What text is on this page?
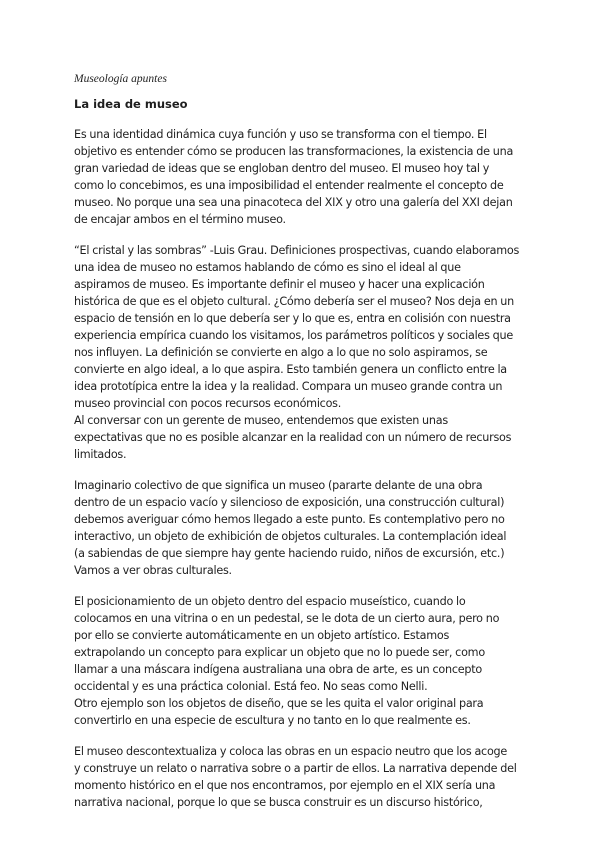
Museología apuntes
La idea de museo

Es una identidad dinámica cuya función y uso se transforma con el tiempo. El
objetivo es entender cómo se producen las transformaciones, la existencia de una
gran variedad de ideas que se engloban dentro del museo. El museo hoy tal y
como lo concebimos, es una imposibilidad el entender realmente el concepto de
museo. No porque una sea una pinacoteca del XIX y otro una galería del XXI dejan
de encajar ambos en el término museo.

“El cristal y las sombras” -Luis Grau. Definiciones prospectivas, cuando elaboramos
una idea de museo no estamos hablando de cómo es sino el ideal al que
aspiramos de museo. Es importante definir el museo y hacer una explicación
histórica de que es el objeto cultural. ¿Cómo debería ser el museo? Nos deja en un
espacio de tensión en lo que debería ser y lo que es, entra en colisión con nuestra
experiencia empírica cuando los visitamos, los parámetros políticos y sociales que
nos influyen. La definición se convierte en algo a lo que no solo aspiramos, se
convierte en algo ideal, a lo que aspira. Esto también genera un conflicto entre la
idea prototípica entre la idea y la realidad. Compara un museo grande contra un
museo provincial con pocos recursos económicos.
Al conversar con un gerente de museo, entendemos que existen unas
expectativas que no es posible alcanzar en la realidad con un número de recursos
limitados.

Imaginario colectivo de que significa un museo (pararte delante de una obra
dentro de un espacio vacío y silencioso de exposición, una construcción cultural)
debemos averiguar cómo hemos llegado a este punto. Es contemplativo pero no
interactivo, un objeto de exhibición de objetos culturales. La contemplación ideal
(a sabiendas de que siempre hay gente haciendo ruido, niños de excursión, etc.)
Vamos a ver obras culturales.

El posicionamiento de un objeto dentro del espacio museístico, cuando lo
colocamos en una vitrina o en un pedestal, se le dota de un cierto aura, pero no
por ello se convierte automáticamente en un objeto artístico. Estamos
extrapolando un concepto para explicar un objeto que no lo puede ser, como
llamar a una máscara indígena australiana una obra de arte, es un concepto
occidental y es una práctica colonial. Está feo. No seas como Nelli.
Otro ejemplo son los objetos de diseño, que se les quita el valor original para
convertirlo en una especie de escultura y no tanto en lo que realmente es.

El museo descontextualiza y coloca las obras en un espacio neutro que los acoge
y construye un relato o narrativa sobre o a partir de ellos. La narrativa depende del
momento histórico en el que nos encontramos, por ejemplo en el XIX sería una
narrativa nacional, porque lo que se busca construir es un discurso histórico,
